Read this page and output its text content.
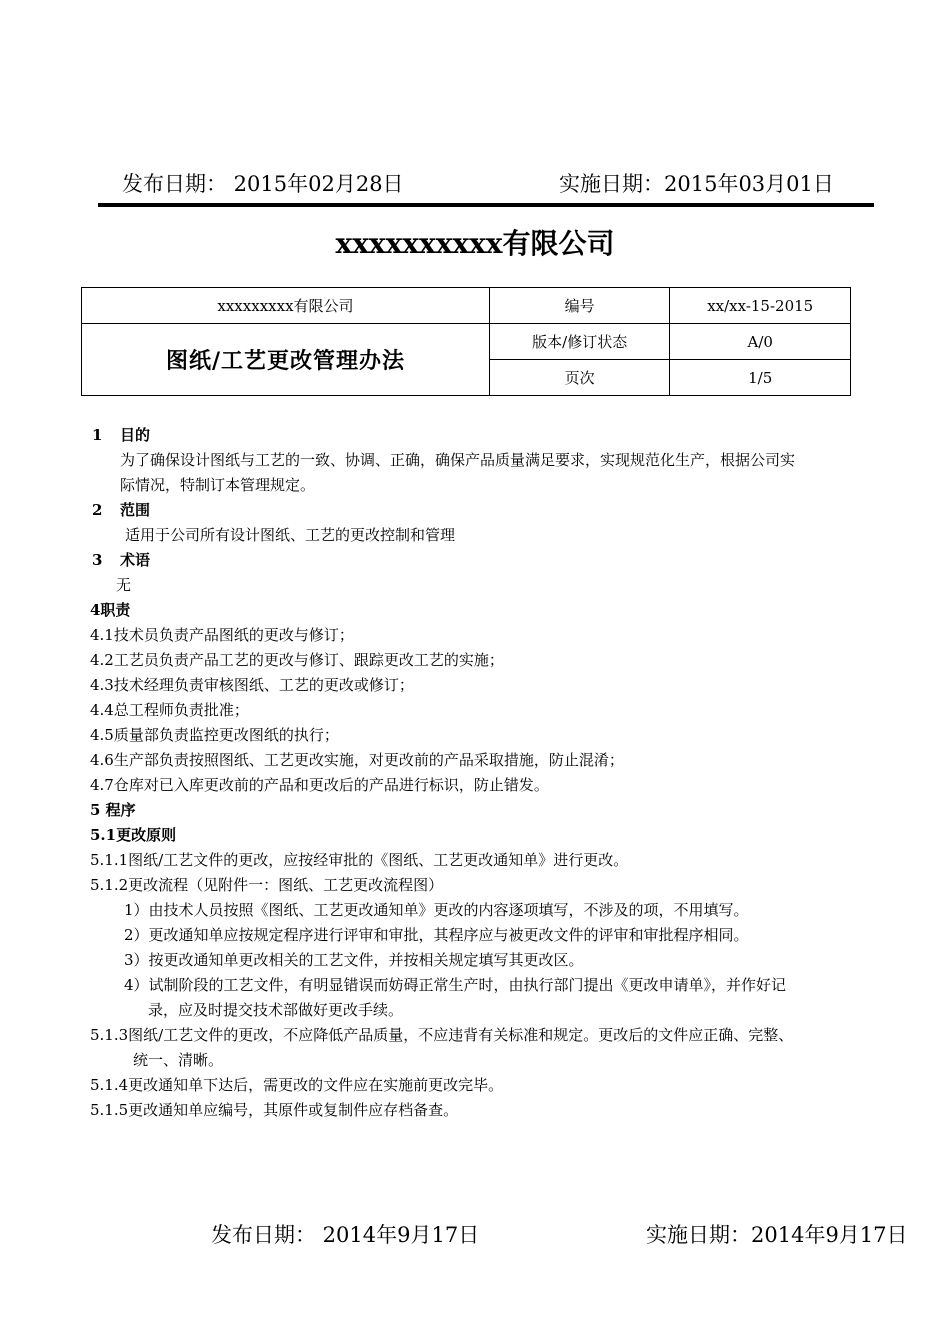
发布日期： 2015年02月28日	实施日期：2015年03月01日
xxxxxxxxxx有限公司
xxxxxxxxx有限公司	编号	xx/xx-15-2015
图纸/工艺更改管理办法	版本/修订状态	A/0
	页次	1/5
1 目的
为了确保设计图纸与工艺的一致、协调、正确，确保产品质量满足要求，实现规范化生产，根据公司实
际情况，特制订本管理规定。
2 范围
适用于公司所有设计图纸、工艺的更改控制和管理
3 术语
无
4职责
4.1技术员负责产品图纸的更改与修订；
4.2工艺员负责产品工艺的更改与修订、跟踪更改工艺的实施；
4.3技术经理负责审核图纸、工艺的更改或修订；
4.4总工程师负责批准；
4.5质量部负责监控更改图纸的执行；
4.6生产部负责按照图纸、工艺更改实施，对更改前的产品采取措施，防止混淆；
4.7仓库对已入库更改前的产品和更改后的产品进行标识，防止错发。
5 程序
5.1更改原则
5.1.1图纸/工艺文件的更改，应按经审批的《图纸、工艺更改通知单》进行更改。
5.1.2更改流程（见附件一：图纸、工艺更改流程图）
1）由技术人员按照《图纸、工艺更改通知单》更改的内容逐项填写，不涉及的项，不用填写。
2）更改通知单应按规定程序进行评审和审批，其程序应与被更改文件的评审和审批程序相同。
3）按更改通知单更改相关的工艺文件，并按相关规定填写其更改区。
4）试制阶段的工艺文件，有明显错误而妨碍正常生产时，由执行部门提出《更改申请单》，并作好记
录，应及时提交技术部做好更改手续。
5.1.3图纸/工艺文件的更改，不应降低产品质量，不应违背有关标准和规定。更改后的文件应正确、完整、
统一、清晰。
5.1.4更改通知单下达后，需更改的文件应在实施前更改完毕。
5.1.5更改通知单应编号，其原件或复制件应存档备查。
发布日期： 2014年9月17日	实施日期：2014年9月17日
